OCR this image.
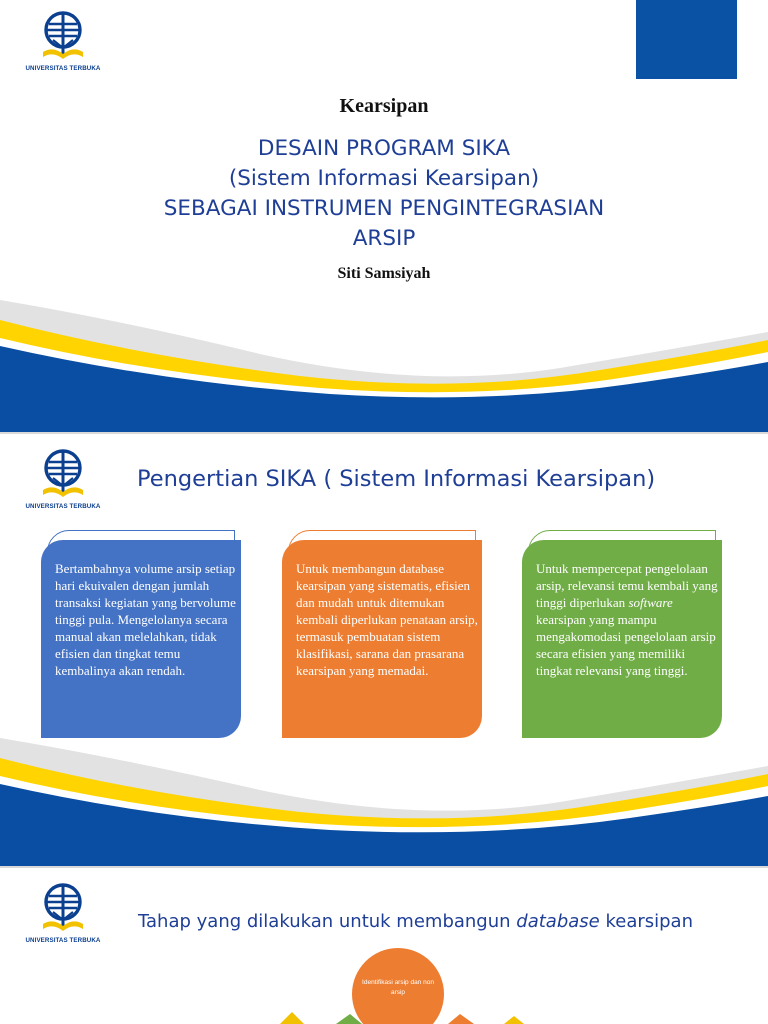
UNIVERSITAS TERBUKA
Kearsipan
DESAIN PROGRAM SIKA
(Sistem Informasi Kearsipan)
SEBAGAI INSTRUMEN PENGINTEGRASIAN
ARSIP
Siti Samsiyah
UNIVERSITAS TERBUKA
Pengertian SIKA ( Sistem Informasi Kearsipan)
Bertambahnya volume arsip setiap hari ekuivalen dengan jumlah transaksi kegiatan yang bervolume tinggi pula. Mengelolanya secara manual akan melelahkan, tidak efisien dan tingkat temu kembalinya akan rendah.
Untuk membangun database kearsipan yang sistematis, efisien dan mudah untuk ditemukan kembali diperlukan penataan arsip, termasuk pembuatan sistem klasifikasi, sarana dan prasarana kearsipan yang memadai.
Untuk mempercepat pengelolaan arsip, relevansi temu kembali yang tinggi diperlukan software kearsipan yang mampu mengakomodasi pengelolaan arsip secara efisien yang memiliki tingkat relevansi yang tinggi.
UNIVERSITAS TERBUKA
Tahap yang dilakukan untuk membangun database kearsipan
Identifikasi arsip dan non arsip
